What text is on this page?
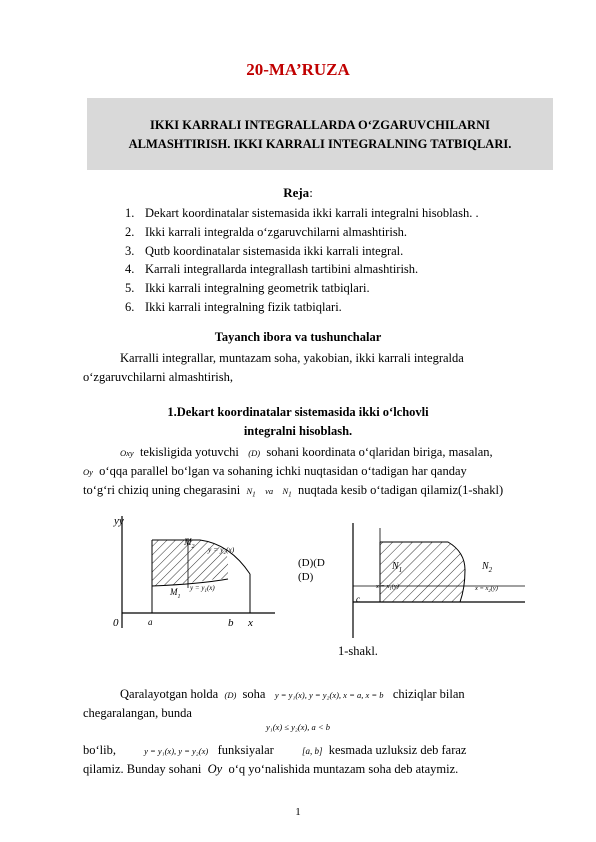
20-MA’RUZA
IKKI KARRALI INTEGRALLARDA O‘ZGARUVCHILARNI
ALMASHTIRISH. IKKI KARRALI INTEGRALNING TATBIQLARI.
Reja:
1. Dekart koordinatalar sistemasida ikki karrali integralni hisoblash. .
2. Ikki karrali integralda o‘zgaruvchilarni almashtirish.
3. Qutb koordinatalar sistemasida ikki karrali integral.
4. Karrali integrallarda integrallash tartibini almashtirish.
5. Ikki karrali integralning geometrik tatbiqlari.
6. Ikki karrali integralning fizik tatbiqlari.
Tayanch ibora va tushunchalar
Karralli integrallar, muntazam soha, yakobian, ikki karrali integralda
o‘zgaruvchilarni almashtirish,
1.Dekart koordinatalar sistemasida ikki o‘lchovli
integralni hisoblash.
Oxy tekisligida yotuvchi (D) sohani koordinata o‘qlaridan biriga, masalan,
Oy o‘qqa parallel bo‘lgan va sohaning ichki nuqtasidan o‘tadigan har qanday
to‘g‘ri chiziq uning chegarasini $N_1$ va $N_1$ nuqtada kesib o‘tadigan qilamiz(1-shakl)
yy
$M_2$ $y = y_2(x)$
$M_1$
$y = y_1(x)$
0	a	b x
(D)(D
(D)
$N_1$	$N_2$
$x = x_1(y)$	$x = x_2(y)$
c
1-shakl.
Qaralayotgan holda (D) soha y = y₁(x), y = y₂(x), x = a, x = b chiziqlar bilan
chegaralangan, bunda
y₁(x) ≤ y₂(x), a < b
bo‘lib,	y = y₁(x), y = y₂(x) funksiyalar	[a, b] kesmada uzluksiz deb faraz
qilamiz. Bunday sohani Oy o‘q yo‘nalishida muntazam soha deb ataymiz.
1
